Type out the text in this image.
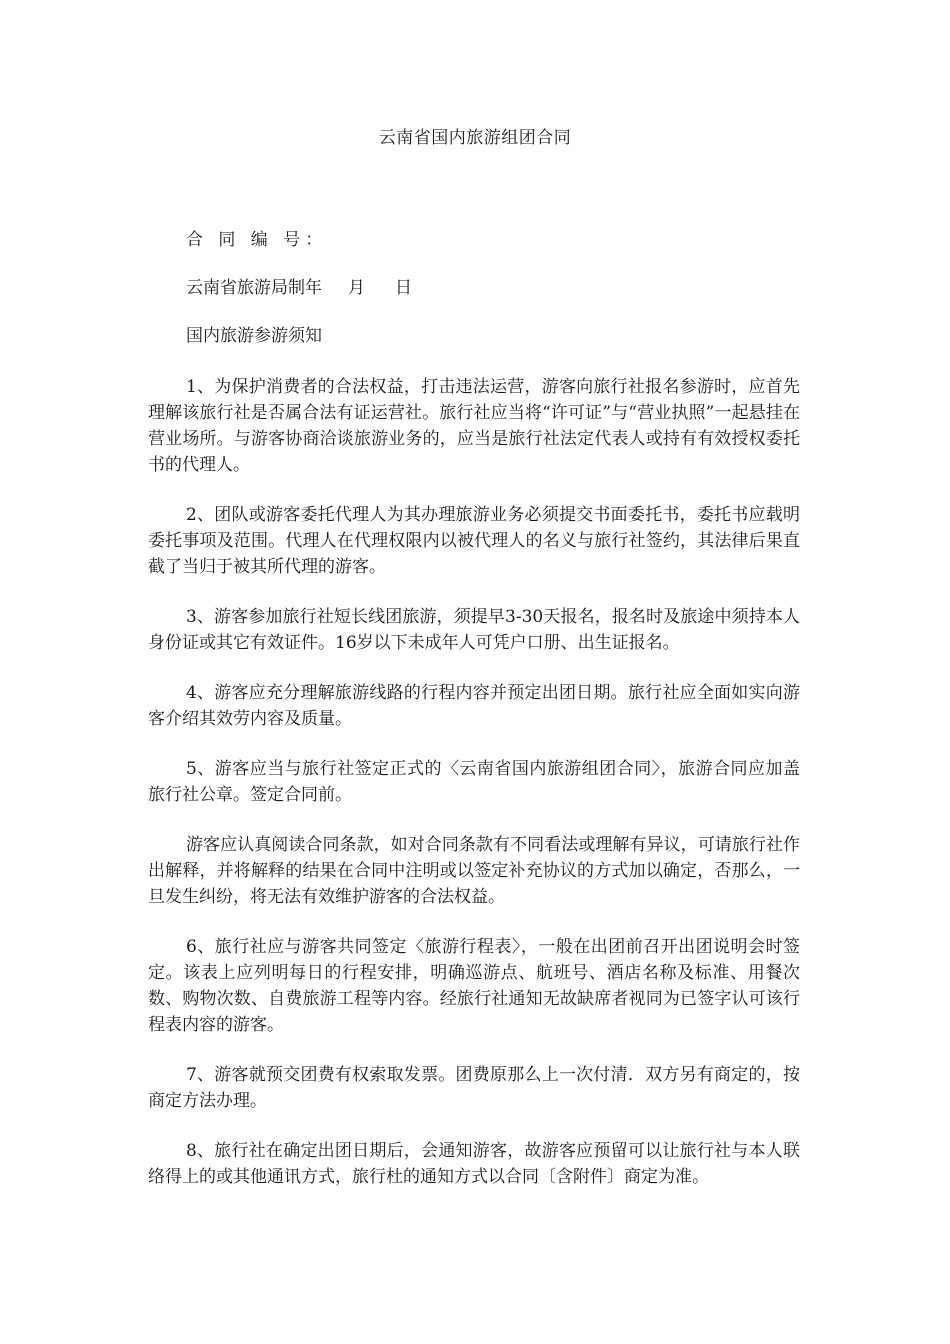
云南省国内旅游组团合同
合 同 编 号：
云南省旅游局制年 月 日
国内旅游参游须知

1、为保护消费者的合法权益，打击违法运营，游客向旅行社报名参游时，应首先理解该旅行社是否属合法有证运营社。旅行社应当将“许可证”与“营业执照”一起悬挂在营业场所。与游客协商洽谈旅游业务的，应当是旅行社法定代表人或持有有效授权委托书的代理人。

2、团队或游客委托代理人为其办理旅游业务必须提交书面委托书，委托书应载明委托事项及范围。代理人在代理权限内以被代理人的名义与旅行社签约，其法律后果直截了当归于被其所代理的游客。

3、游客参加旅行社短长线团旅游，须提早3-30天报名，报名时及旅途中须持本人身份证或其它有效证件。16岁以下未成年人可凭户口册、出生证报名。

4、游客应充分理解旅游线路的行程内容并预定出团日期。旅行社应全面如实向游客介绍其效劳内容及质量。

5、游客应当与旅行社签定正式的〈云南省国内旅游组团合同〉，旅游合同应加盖旅行社公章。签定合同前。

游客应认真阅读合同条款，如对合同条款有不同看法或理解有异议，可请旅行社作出解释，并将解释的结果在合同中注明或以签定补充协议的方式加以确定，否那么，一旦发生纠纷，将无法有效维护游客的合法权益。

6、旅行社应与游客共同签定〈旅游行程表〉，一般在出团前召开出团说明会时签定。该表上应列明每日的行程安排，明确巡游点、航班号、酒店名称及标准、用餐次数、购物次数、自费旅游工程等内容。经旅行社通知无故缺席者视同为已签字认可该行程表内容的游客。

7、游客就预交团费有权索取发票。团费原那么上一次付清．双方另有商定的，按商定方法办理。

8、旅行社在确定出团日期后，会通知游客，故游客应预留可以让旅行社与本人联络得上的或其他通讯方式，旅行杜的通知方式以合同〔含附件〕商定为准。
